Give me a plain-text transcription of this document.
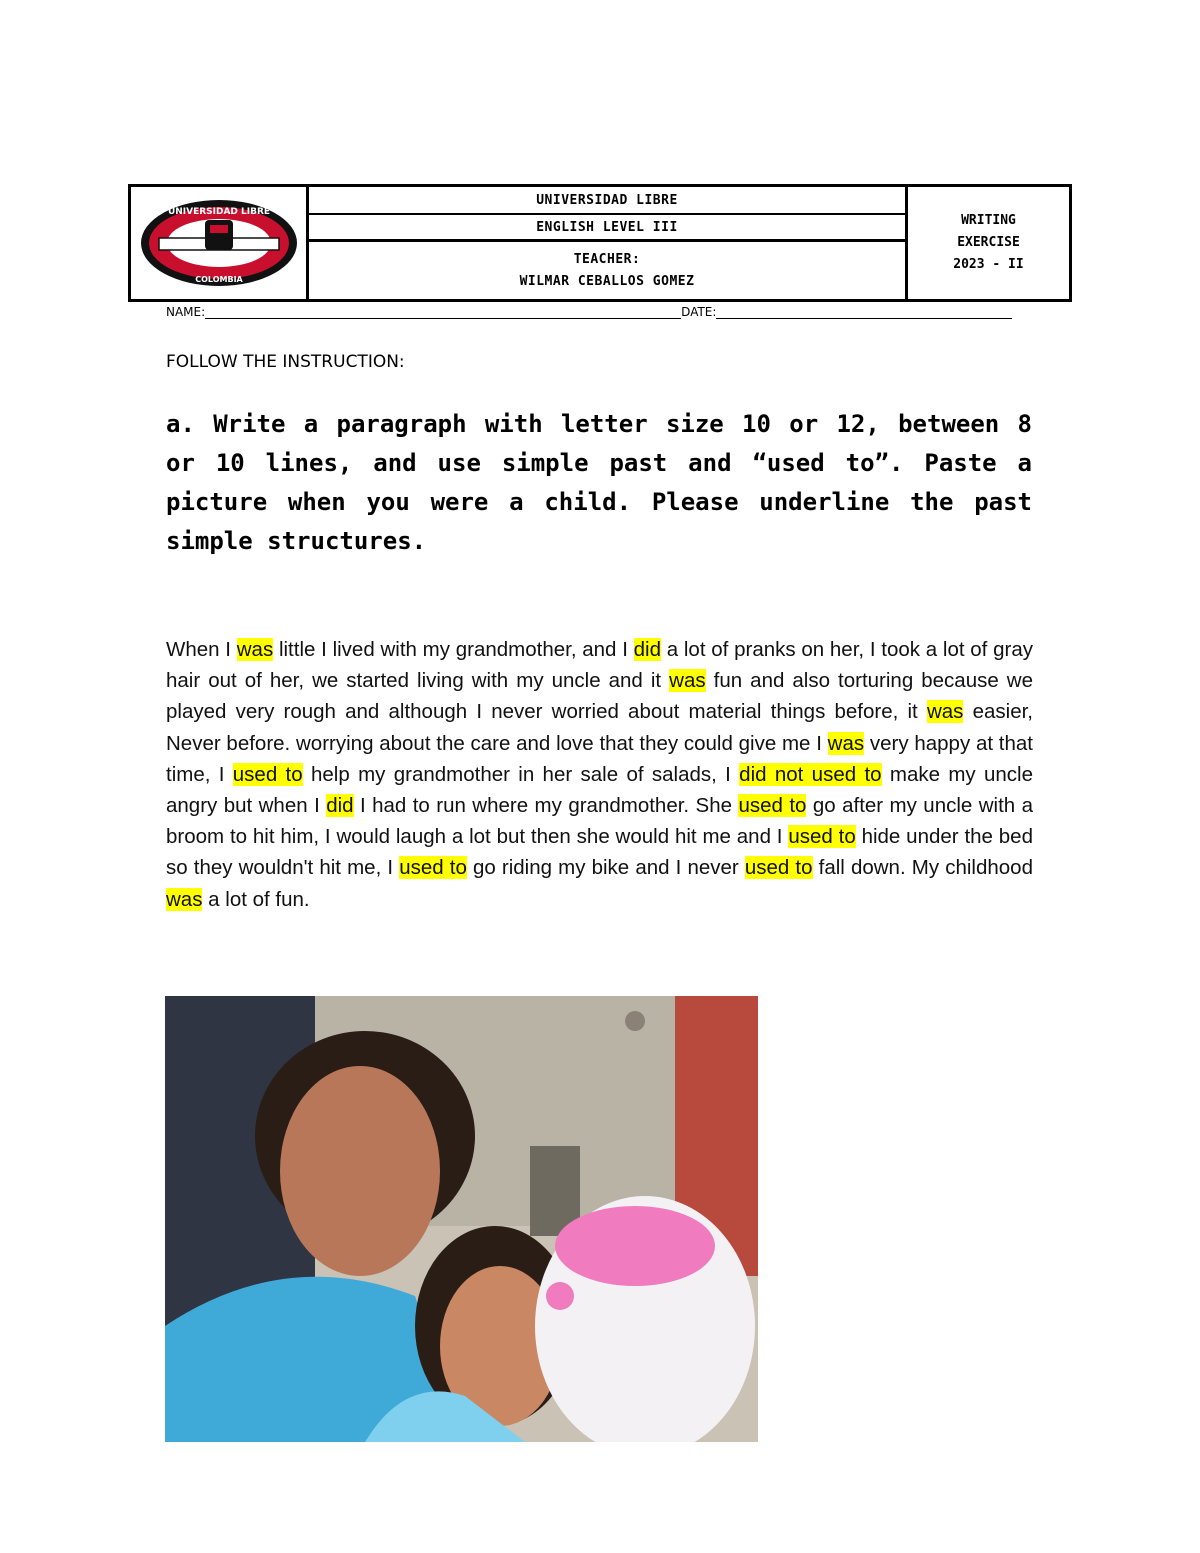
UNIVERSIDAD LIBRE
COLOMBIA
UNIVERSIDAD LIBRE
ENGLISH LEVEL III
TEACHER:
WILMAR CEBALLOS GOMEZ
WRITING
EXERCISE
2023 - II
NAME:	DATE:
FOLLOW THE INSTRUCTION:
a. Write a paragraph with letter size 10 or 12, between 8 or 10 lines, and use simple past and “used to”. Paste a picture when you were a child. Please underline the past simple structures.
When I was little I lived with my grandmother, and I did a lot of pranks on her, I took a lot of gray hair out of her, we started living with my uncle and it was fun and also torturing because we played very rough and although I never worried about material things before, it was easier, Never before. worrying about the care and love that they could give me I was very happy at that time, I used to help my grandmother in her sale of salads, I did not used to make my uncle angry but when I did I had to run where my grandmother. She used to go after my uncle with a broom to hit him, I would laugh a lot but then she would hit me and I used to hide under the bed so they wouldn't hit me, I used to go riding my bike and I never used to fall down. My childhood was a lot of fun.
